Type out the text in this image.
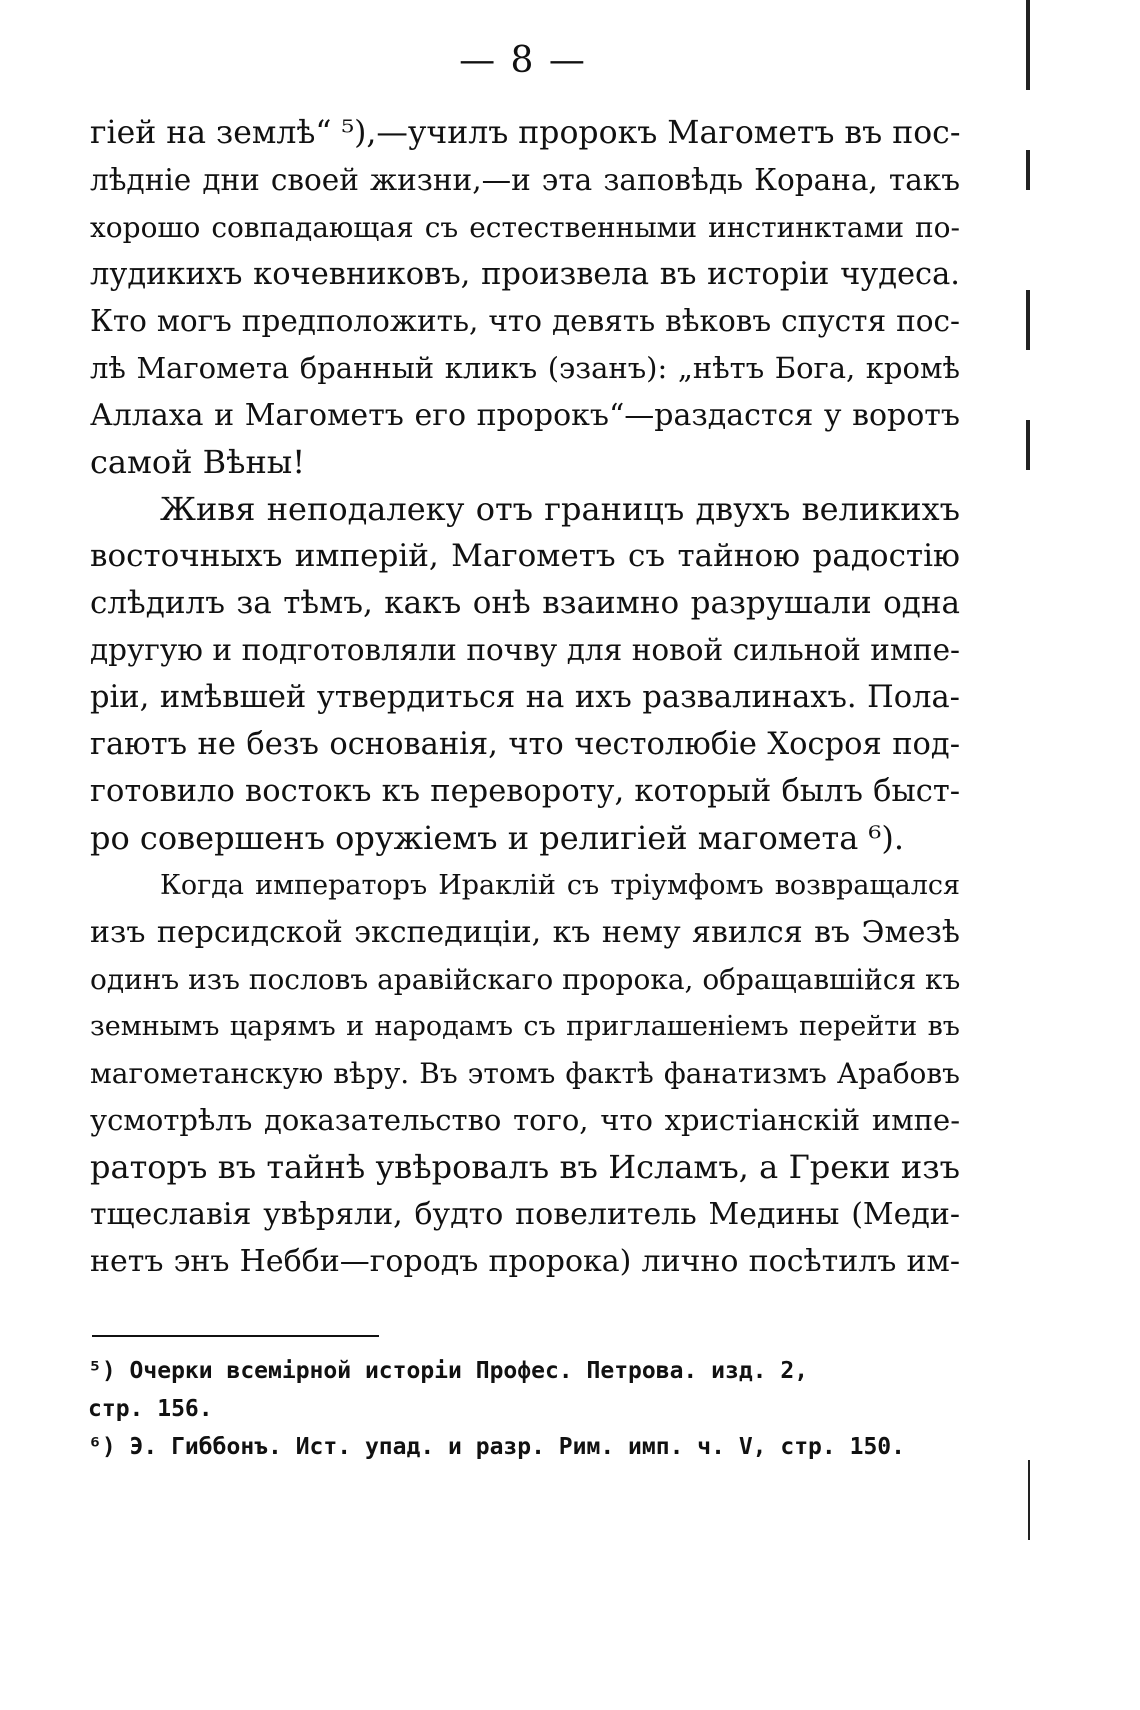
— 8 —
гiей на землѣ“ ⁵),—училъ пророкъ Магометъ въ пос-
лѣднiе дни своей жизни,—и эта заповѣдь Корана, такъ
хорошо совпадающая съ естественными инстинктами по-
лудикихъ кочевниковъ, произвела въ исторiи чудеса.
Кто могъ предположить, что девять вѣковъ спустя пос-
лѣ Магомета бранный кликъ (эзанъ): „нѣтъ Бога, кромѣ
Аллаха и Магометъ его пророкъ“—раздастся у воротъ
самой Вѣны!
Живя неподалеку отъ границъ двухъ великихъ
восточныхъ имперiй, Магометъ съ тайною радостiю
слѣдилъ за тѣмъ, какъ онѣ взаимно разрушали одна
другую и подготовляли почву для новой сильной импе-
рiи, имѣвшей утвердиться на ихъ развалинахъ. Пола-
гаютъ не безъ основанiя, что честолюбiе Хосроя под-
готовило востокъ къ перевороту, который былъ быст-
ро совершенъ оружiемъ и религiей магомета ⁶).
Когда императоръ Ираклiй съ трiумфомъ возвращался
изъ персидской экспедицiи, къ нему явился въ Эмезѣ
одинъ изъ пословъ аравiйскаго пророка, обращавшiйся къ
земнымъ царямъ и народамъ съ приглашенiемъ перейти въ
магометанскую вѣру. Въ этомъ фактѣ фанатизмъ Арабовъ
усмотрѣлъ доказательство того, что христiанскiй импе-
раторъ въ тайнѣ увѣровалъ въ Исламъ, а Греки изъ
тщеславiя увѣряли, будто повелитель Медины (Меди-
нетъ энъ Небби—городъ пророка) лично посѣтилъ им-
⁵) Очерки всемiрной исторiи Профес. Петрова. изд. 2,
стр. 156.
⁶) Э. Гиббонъ. Ист. упад. и разр. Рим. имп. ч. V, стр. 150.
